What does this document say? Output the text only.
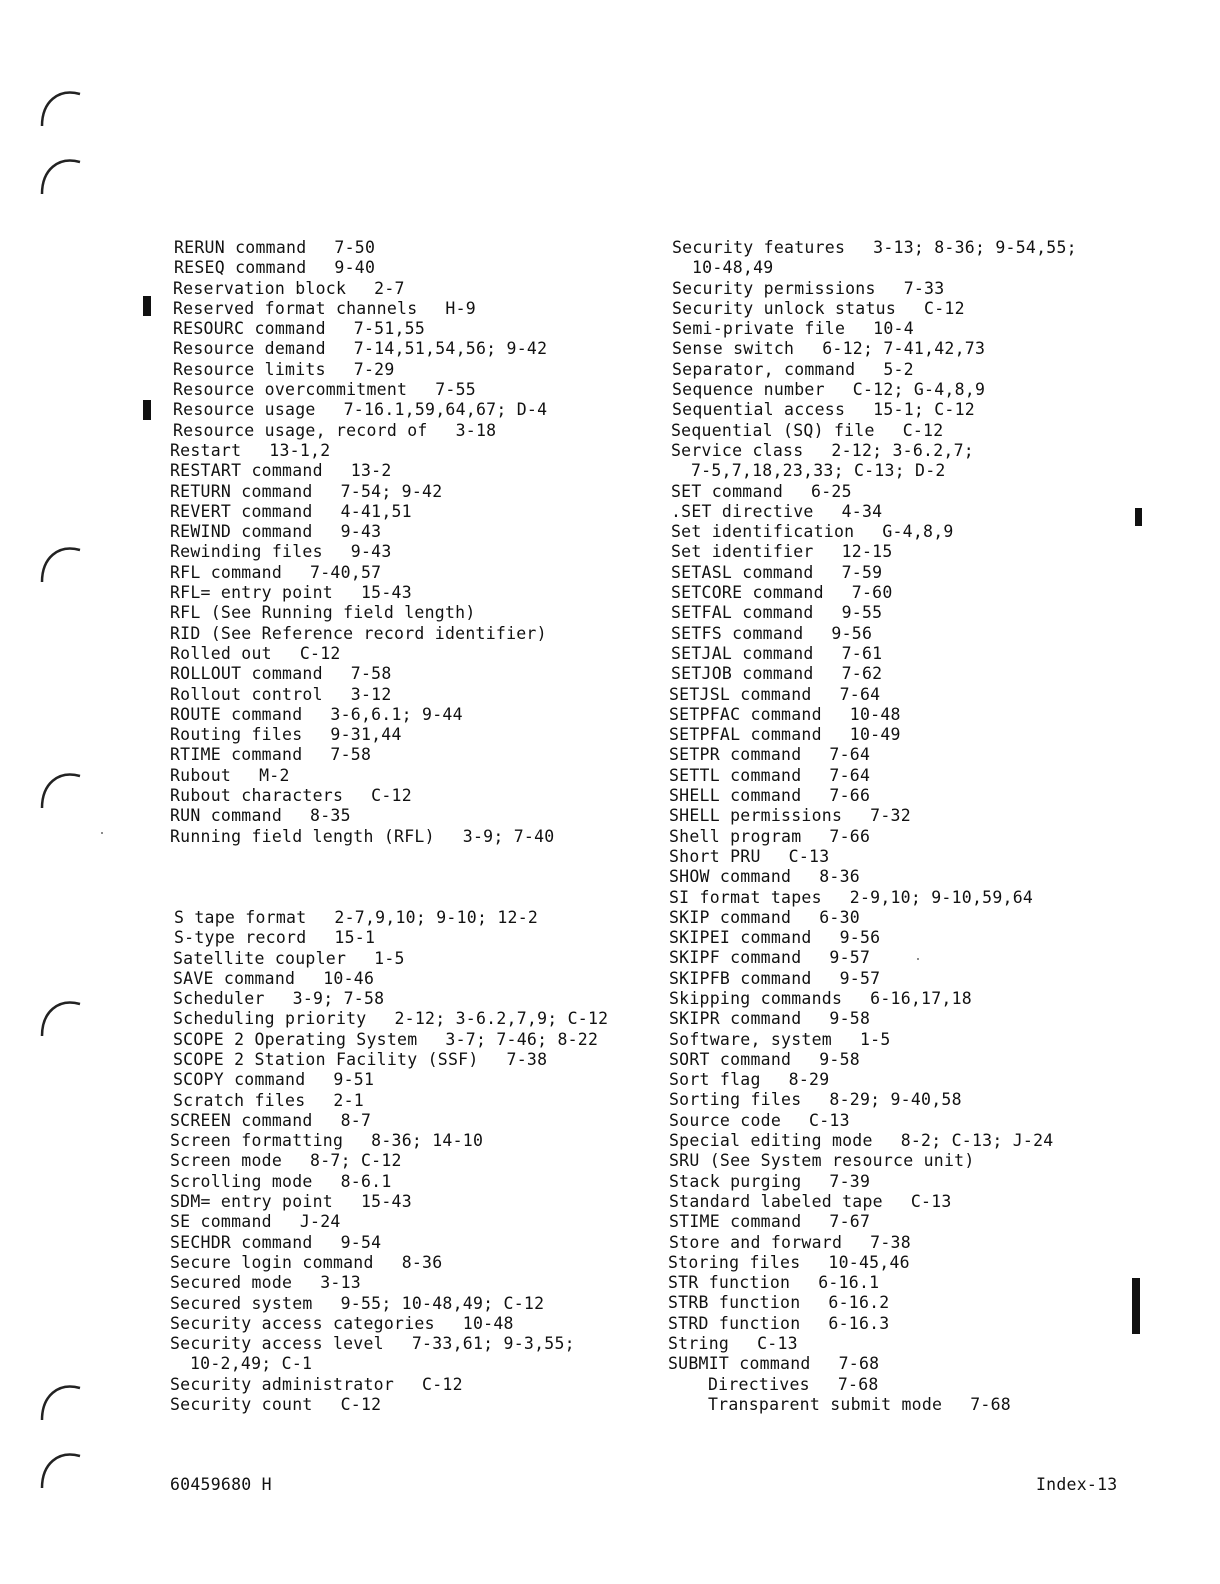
RERUN command 7-50
RESEQ command 9-40
Reservation block 2-7
Reserved format channels H-9
RESOURC command 7-51,55
Resource demand 7-14,51,54,56; 9-42
Resource limits 7-29
Resource overcommitment 7-55
Resource usage 7-16.1,59,64,67; D-4
Resource usage, record of 3-18
Restart 13-1,2
RESTART command 13-2
RETURN command 7-54; 9-42
REVERT command 4-41,51
REWIND command 9-43
Rewinding files 9-43
RFL command 7-40,57
RFL= entry point 15-43
RFL (See Running field length)
RID (See Reference record identifier)
Rolled out C-12
ROLLOUT command 7-58
Rollout control 3-12
ROUTE command 3-6,6.1; 9-44
Routing files 9-31,44
RTIME command 7-58
Rubout M-2
Rubout characters C-12
RUN command 8-35
Running field length (RFL) 3-9; 7-40
S tape format 2-7,9,10; 9-10; 12-2
S-type record 15-1
Satellite coupler 1-5
SAVE command 10-46
Scheduler 3-9; 7-58
Scheduling priority 2-12; 3-6.2,7,9; C-12
SCOPE 2 Operating System 3-7; 7-46; 8-22
SCOPE 2 Station Facility (SSF) 7-38
SCOPY command 9-51
Scratch files 2-1
SCREEN command 8-7
Screen formatting 8-36; 14-10
Screen mode 8-7; C-12
Scrolling mode 8-6.1
SDM= entry point 15-43
SE command J-24
SECHDR command 9-54
Secure login command 8-36
Secured mode 3-13
Secured system 9-55; 10-48,49; C-12
Security access categories 10-48
Security access level 7-33,61; 9-3,55;
10-2,49; C-1
Security administrator C-12
Security count C-12
Security features 3-13; 8-36; 9-54,55;
10-48,49
Security permissions 7-33
Security unlock status C-12
Semi-private file 10-4
Sense switch 6-12; 7-41,42,73
Separator, command 5-2
Sequence number C-12; G-4,8,9
Sequential access 15-1; C-12
Sequential (SQ) file C-12
Service class 2-12; 3-6.2,7;
7-5,7,18,23,33; C-13; D-2
SET command 6-25
.SET directive 4-34
Set identification G-4,8,9
Set identifier 12-15
SETASL command 7-59
SETCORE command 7-60
SETFAL command 9-55
SETFS command 9-56
SETJAL command 7-61
SETJOB command 7-62
SETJSL command 7-64
SETPFAC command 10-48
SETPFAL command 10-49
SETPR command 7-64
SETTL command 7-64
SHELL command 7-66
SHELL permissions 7-32
Shell program 7-66
Short PRU C-13
SHOW command 8-36
SI format tapes 2-9,10; 9-10,59,64
SKIP command 6-30
SKIPEI command 9-56
SKIPF command 9-57
SKIPFB command 9-57
Skipping commands 6-16,17,18
SKIPR command 9-58
Software, system 1-5
SORT command 9-58
Sort flag 8-29
Sorting files 8-29; 9-40,58
Source code C-13
Special editing mode 8-2; C-13; J-24
SRU (See System resource unit)
Stack purging 7-39
Standard labeled tape C-13
STIME command 7-67
Store and forward 7-38
Storing files 10-45,46
STR function 6-16.1
STRB function 6-16.2
STRD function 6-16.3
String C-13
SUBMIT command 7-68
Directives 7-68
Transparent submit mode 7-68
60459680 H	Index-13
